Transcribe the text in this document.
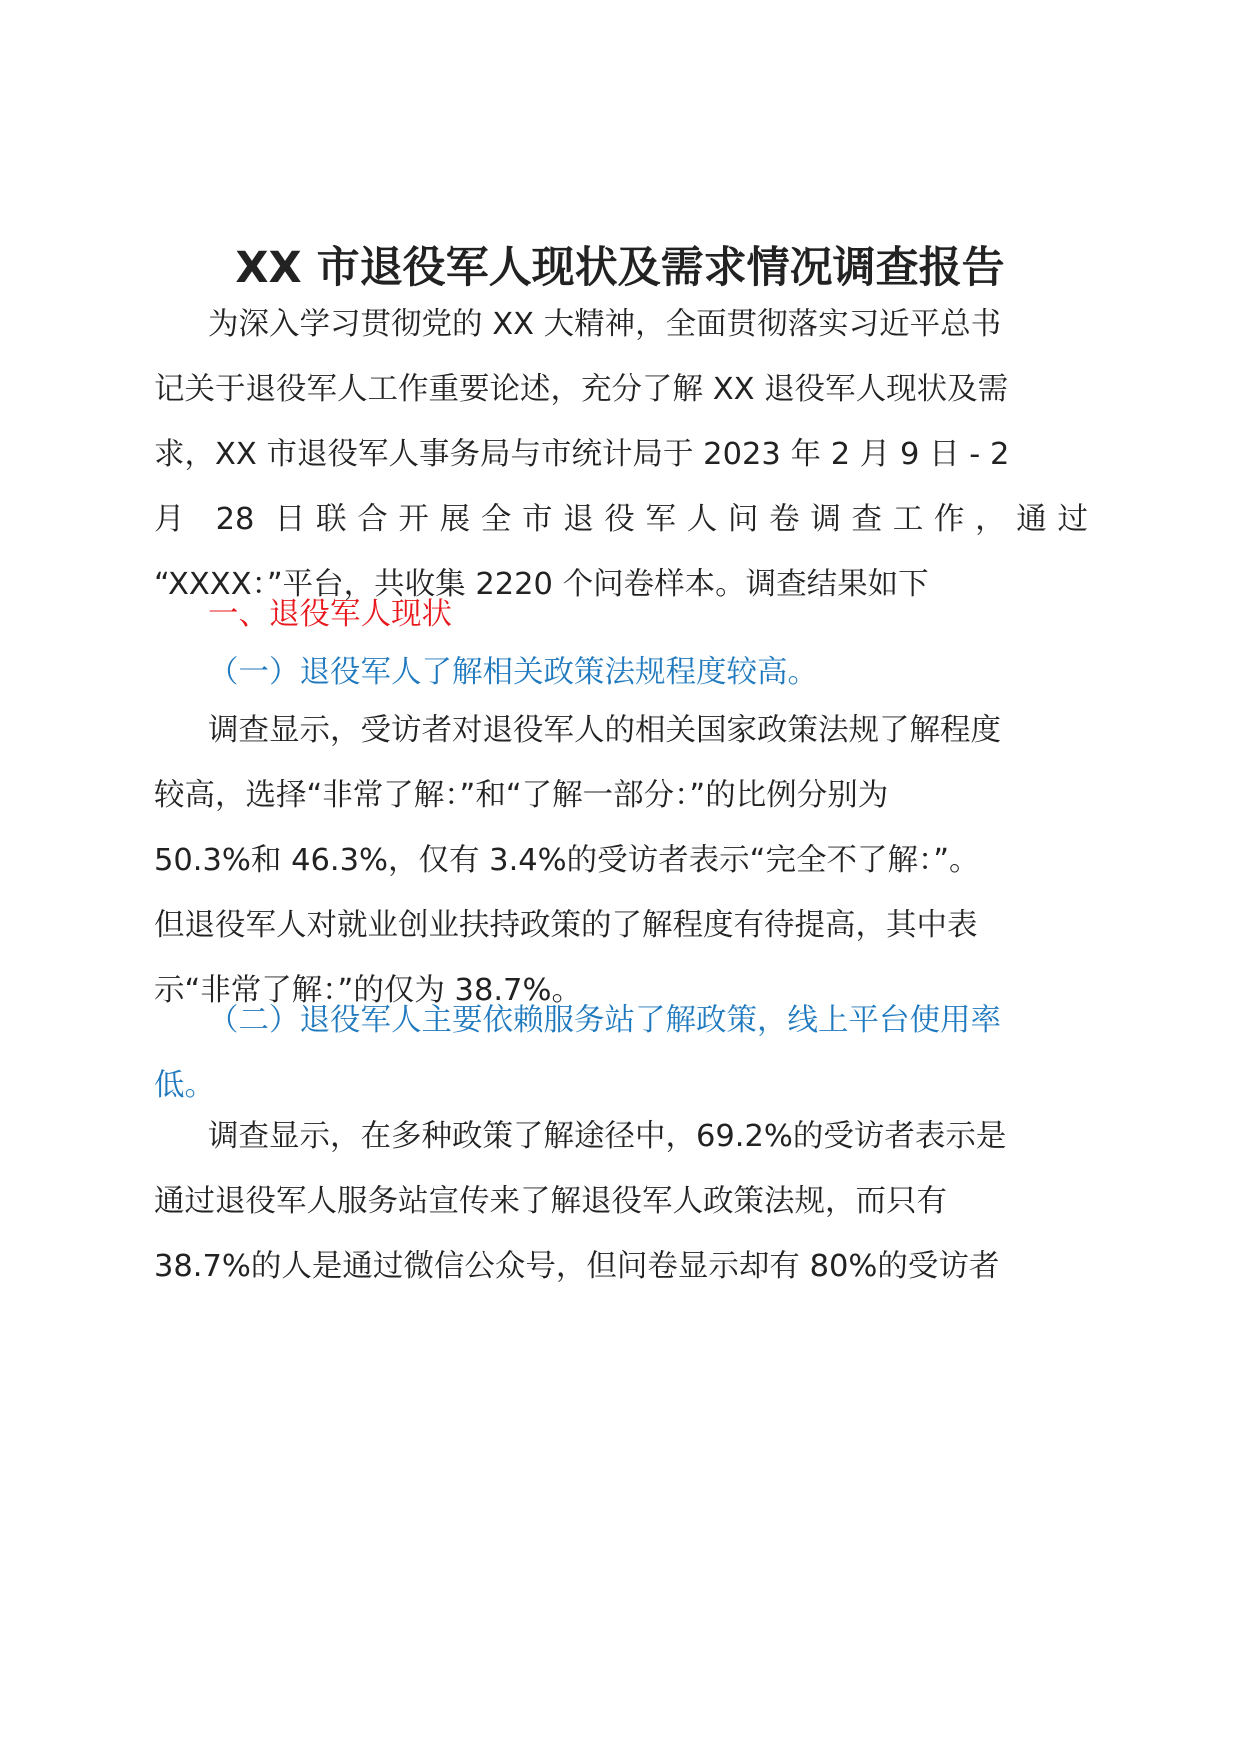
XX 市退役军人现状及需求情况调查报告
为深入学习贯彻党的 XX 大精神，全面贯彻落实习近平总书
记关于退役军人工作重要论述，充分了解 XX 退役军人现状及需
求，XX 市退役军人事务局与市统计局于 2023 年 2 月 9 日 - 2
月 28 日联合开展全市退役军人问卷调查工作，通过
“XXXX：”平台，共收集 2220 个问卷样本。调查结果如下
一、退役军人现状
（一）退役军人了解相关政策法规程度较高。
调查显示，受访者对退役军人的相关国家政策法规了解程度
较高，选择“非常了解：”和“了解一部分：”的比例分别为
50.3%和 46.3%，仅有 3.4%的受访者表示“完全不了解：”。
但退役军人对就业创业扶持政策的了解程度有待提高，其中表
示“非常了解：”的仅为 38.7%。
（二）退役军人主要依赖服务站了解政策，线上平台使用率
低。
调查显示，在多种政策了解途径中，69.2%的受访者表示是
通过退役军人服务站宣传来了解退役军人政策法规，而只有
38.7%的人是通过微信公众号，但问卷显示却有 80%的受访者
